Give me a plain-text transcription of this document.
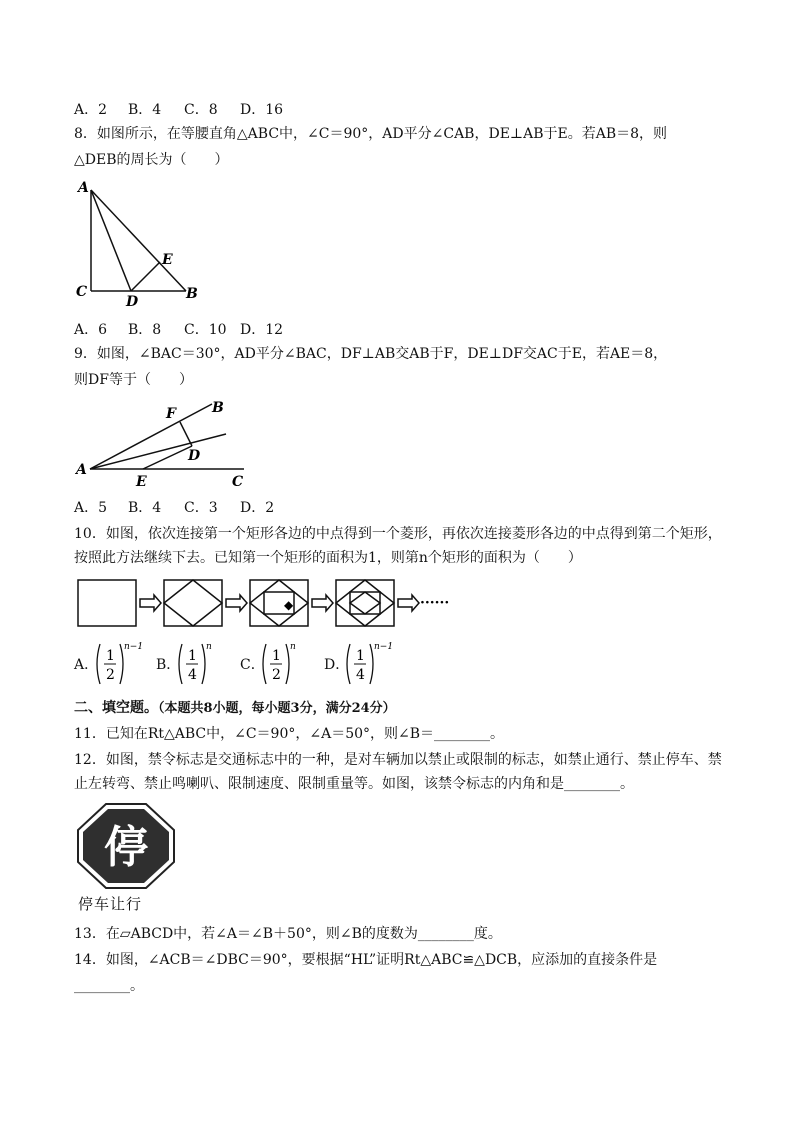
A．2 B．4 C．8 D．16
8．如图所示，在等腰直角△ABC中，∠C＝90°，AD平分∠CAB，DE⊥AB于E。若AB＝8，则
△DEB的周长为（　　）
A
C
D
E
B
A．6 B．8 C．10 D．12
9．如图，∠BAC＝30°，AD平分∠BAC，DF⊥AB交AB于F，DE⊥DF交AC于E，若AE＝8，
则DF等于（　　）
F	B
D
A
E	C
A．5 B．4 C．3 D．2
10．如图，依次连接第一个矩形各边的中点得到一个菱形，再依次连接菱形各边的中点得到第二个矩形，
按照此方法继续下去。已知第一个矩形的面积为1，则第n个矩形的面积为（　　）
◆	······
A．
1
2
n−1
B．
1
4
n
C．
1
2
n
D．
1
4
n−1
二、填空题。（本题共8小题，每小题3分，满分24分）
11．已知在Rt△ABC中，∠C＝90°，∠A＝50°，则∠B＝________。
12．如图，禁令标志是交通标志中的一种，是对车辆加以禁止或限制的标志，如禁止通行、禁止停车、禁
止左转弯、禁止鸣喇叭、限制速度、限制重量等。如图，该禁令标志的内角和是________。
停
停车让行
13．在▱ABCD中，若∠A＝∠B＋50°，则∠B的度数为________度。
14．如图，∠ACB＝∠DBC＝90°，要根据“HL”证明Rt△ABC≌△DCB，应添加的直接条件是
________。
